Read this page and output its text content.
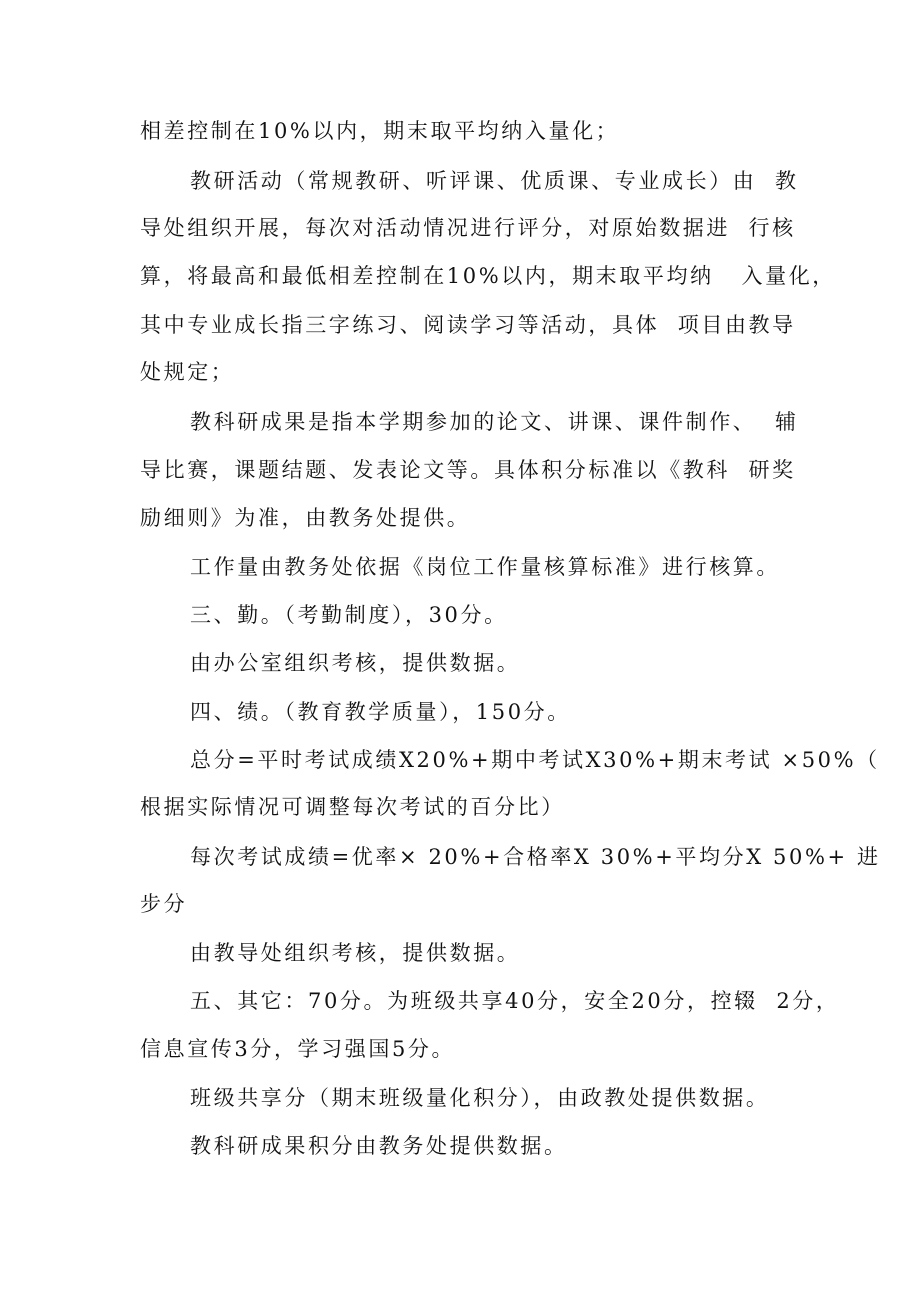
相差控制在10%以内，期末取平均纳入量化；
教研活动（常规教研、听评课、优质课、专业成长）由  教
导处组织开展，每次对活动情况进行评分，对原始数据进  行核
算，将最高和最低相差控制在10%以内，期末取平均纳   入量化，
其中专业成长指三字练习、阅读学习等活动，具体  项目由教导
处规定；
教科研成果是指本学期参加的论文、讲课、课件制作、  辅
导比赛，课题结题、发表论文等。具体积分标准以《教科  研奖
励细则》为准，由教务处提供。
工作量由教务处依据《岗位工作量核算标准》进行核算。
三、勤。（考勤制度），30分。
由办公室组织考核，提供数据。
四、绩。（教育教学质量），150分。
总分=平时考试成绩X20%+期中考试X30%+期末考试 ×50%（
根据实际情况可调整每次考试的百分比）
每次考试成绩=优率× 20%+合格率X 30%+平均分X 50%+ 进
步分
由教导处组织考核，提供数据。
五、其它：70分。为班级共享40分，安全20分，控辍  2分，
信息宣传3分，学习强国5分。
班级共享分（期末班级量化积分），由政教处提供数据。
教科研成果积分由教务处提供数据。
